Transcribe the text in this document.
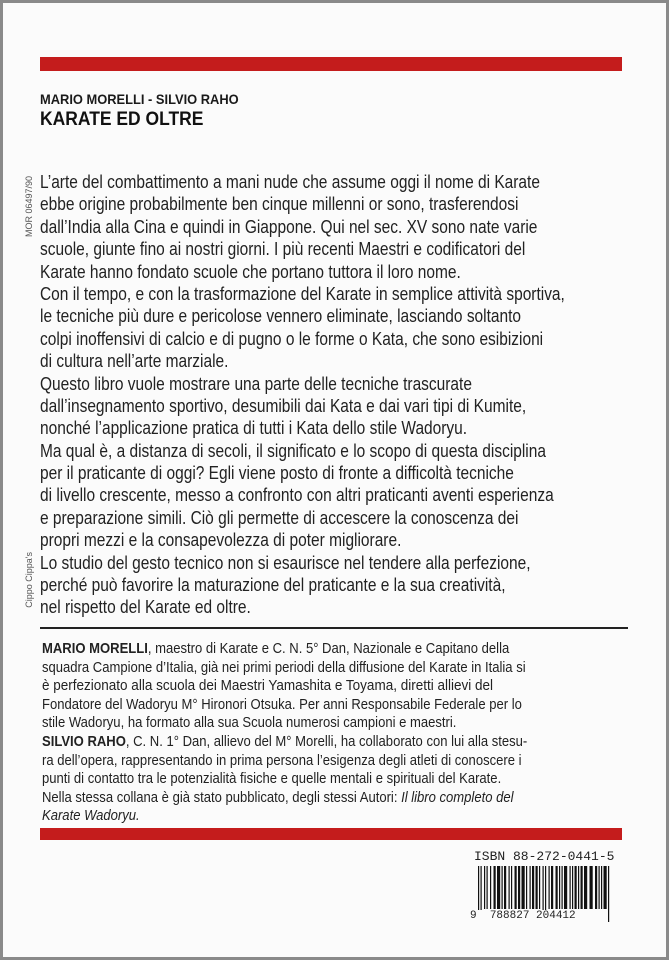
MARIO MORELLI - SILVIO RAHO
KARATE ED OLTRE
MOR 06497/90
Cippo Cippa's
L’arte del combattimento a mani nude che assume oggi il nome di Karate
ebbe origine probabilmente ben cinque millenni or sono, trasferendosi
dall’India alla Cina e quindi in Giappone. Qui nel sec. XV sono nate varie
scuole, giunte fino ai nostri giorni. I più recenti Maestri e codificatori del
Karate hanno fondato scuole che portano tuttora il loro nome.
Con il tempo, e con la trasformazione del Karate in semplice attività sportiva,
le tecniche più dure e pericolose vennero eliminate, lasciando soltanto
colpi inoffensivi di calcio e di pugno o le forme o Kata, che sono esibizioni
di cultura nell’arte marziale.
Questo libro vuole mostrare una parte delle tecniche trascurate
dall’insegnamento sportivo, desumibili dai Kata e dai vari tipi di Kumite,
nonché l’applicazione pratica di tutti i Kata dello stile Wadoryu.
Ma qual è, a distanza di secoli, il significato e lo scopo di questa disciplina
per il praticante di oggi? Egli viene posto di fronte a difficoltà tecniche
di livello crescente, messo a confronto con altri praticanti aventi esperienza
e preparazione simili. Ciò gli permette di accescere la conoscenza dei
propri mezzi e la consapevolezza di poter migliorare.
Lo studio del gesto tecnico non si esaurisce nel tendere alla perfezione,
perché può favorire la maturazione del praticante e la sua creatività,
nel rispetto del Karate ed oltre.
MARIO MORELLI, maestro di Karate e C. N. 5° Dan, Nazionale e Capitano della
squadra Campione d’Italia, già nei primi periodi della diffusione del Karate in Italia si
è perfezionato alla scuola dei Maestri Yamashita e Toyama, diretti allievi del
Fondatore del Wadoryu M° Hironori Otsuka. Per anni Responsabile Federale per lo
stile Wadoryu, ha formato alla sua Scuola numerosi campioni e maestri.
SILVIO RAHO, C. N. 1° Dan, allievo del M° Morelli, ha collaborato con lui alla stesu-
ra dell’opera, rappresentando in prima persona l’esigenza degli atleti di conoscere i
punti di contatto tra le potenzialità fisiche e quelle mentali e spirituali del Karate.
Nella stessa collana è già stato pubblicato, degli stessi Autori: Il libro completo del
Karate Wadoryu.
ISBN 88-272-0441-5
9 788827 204412
